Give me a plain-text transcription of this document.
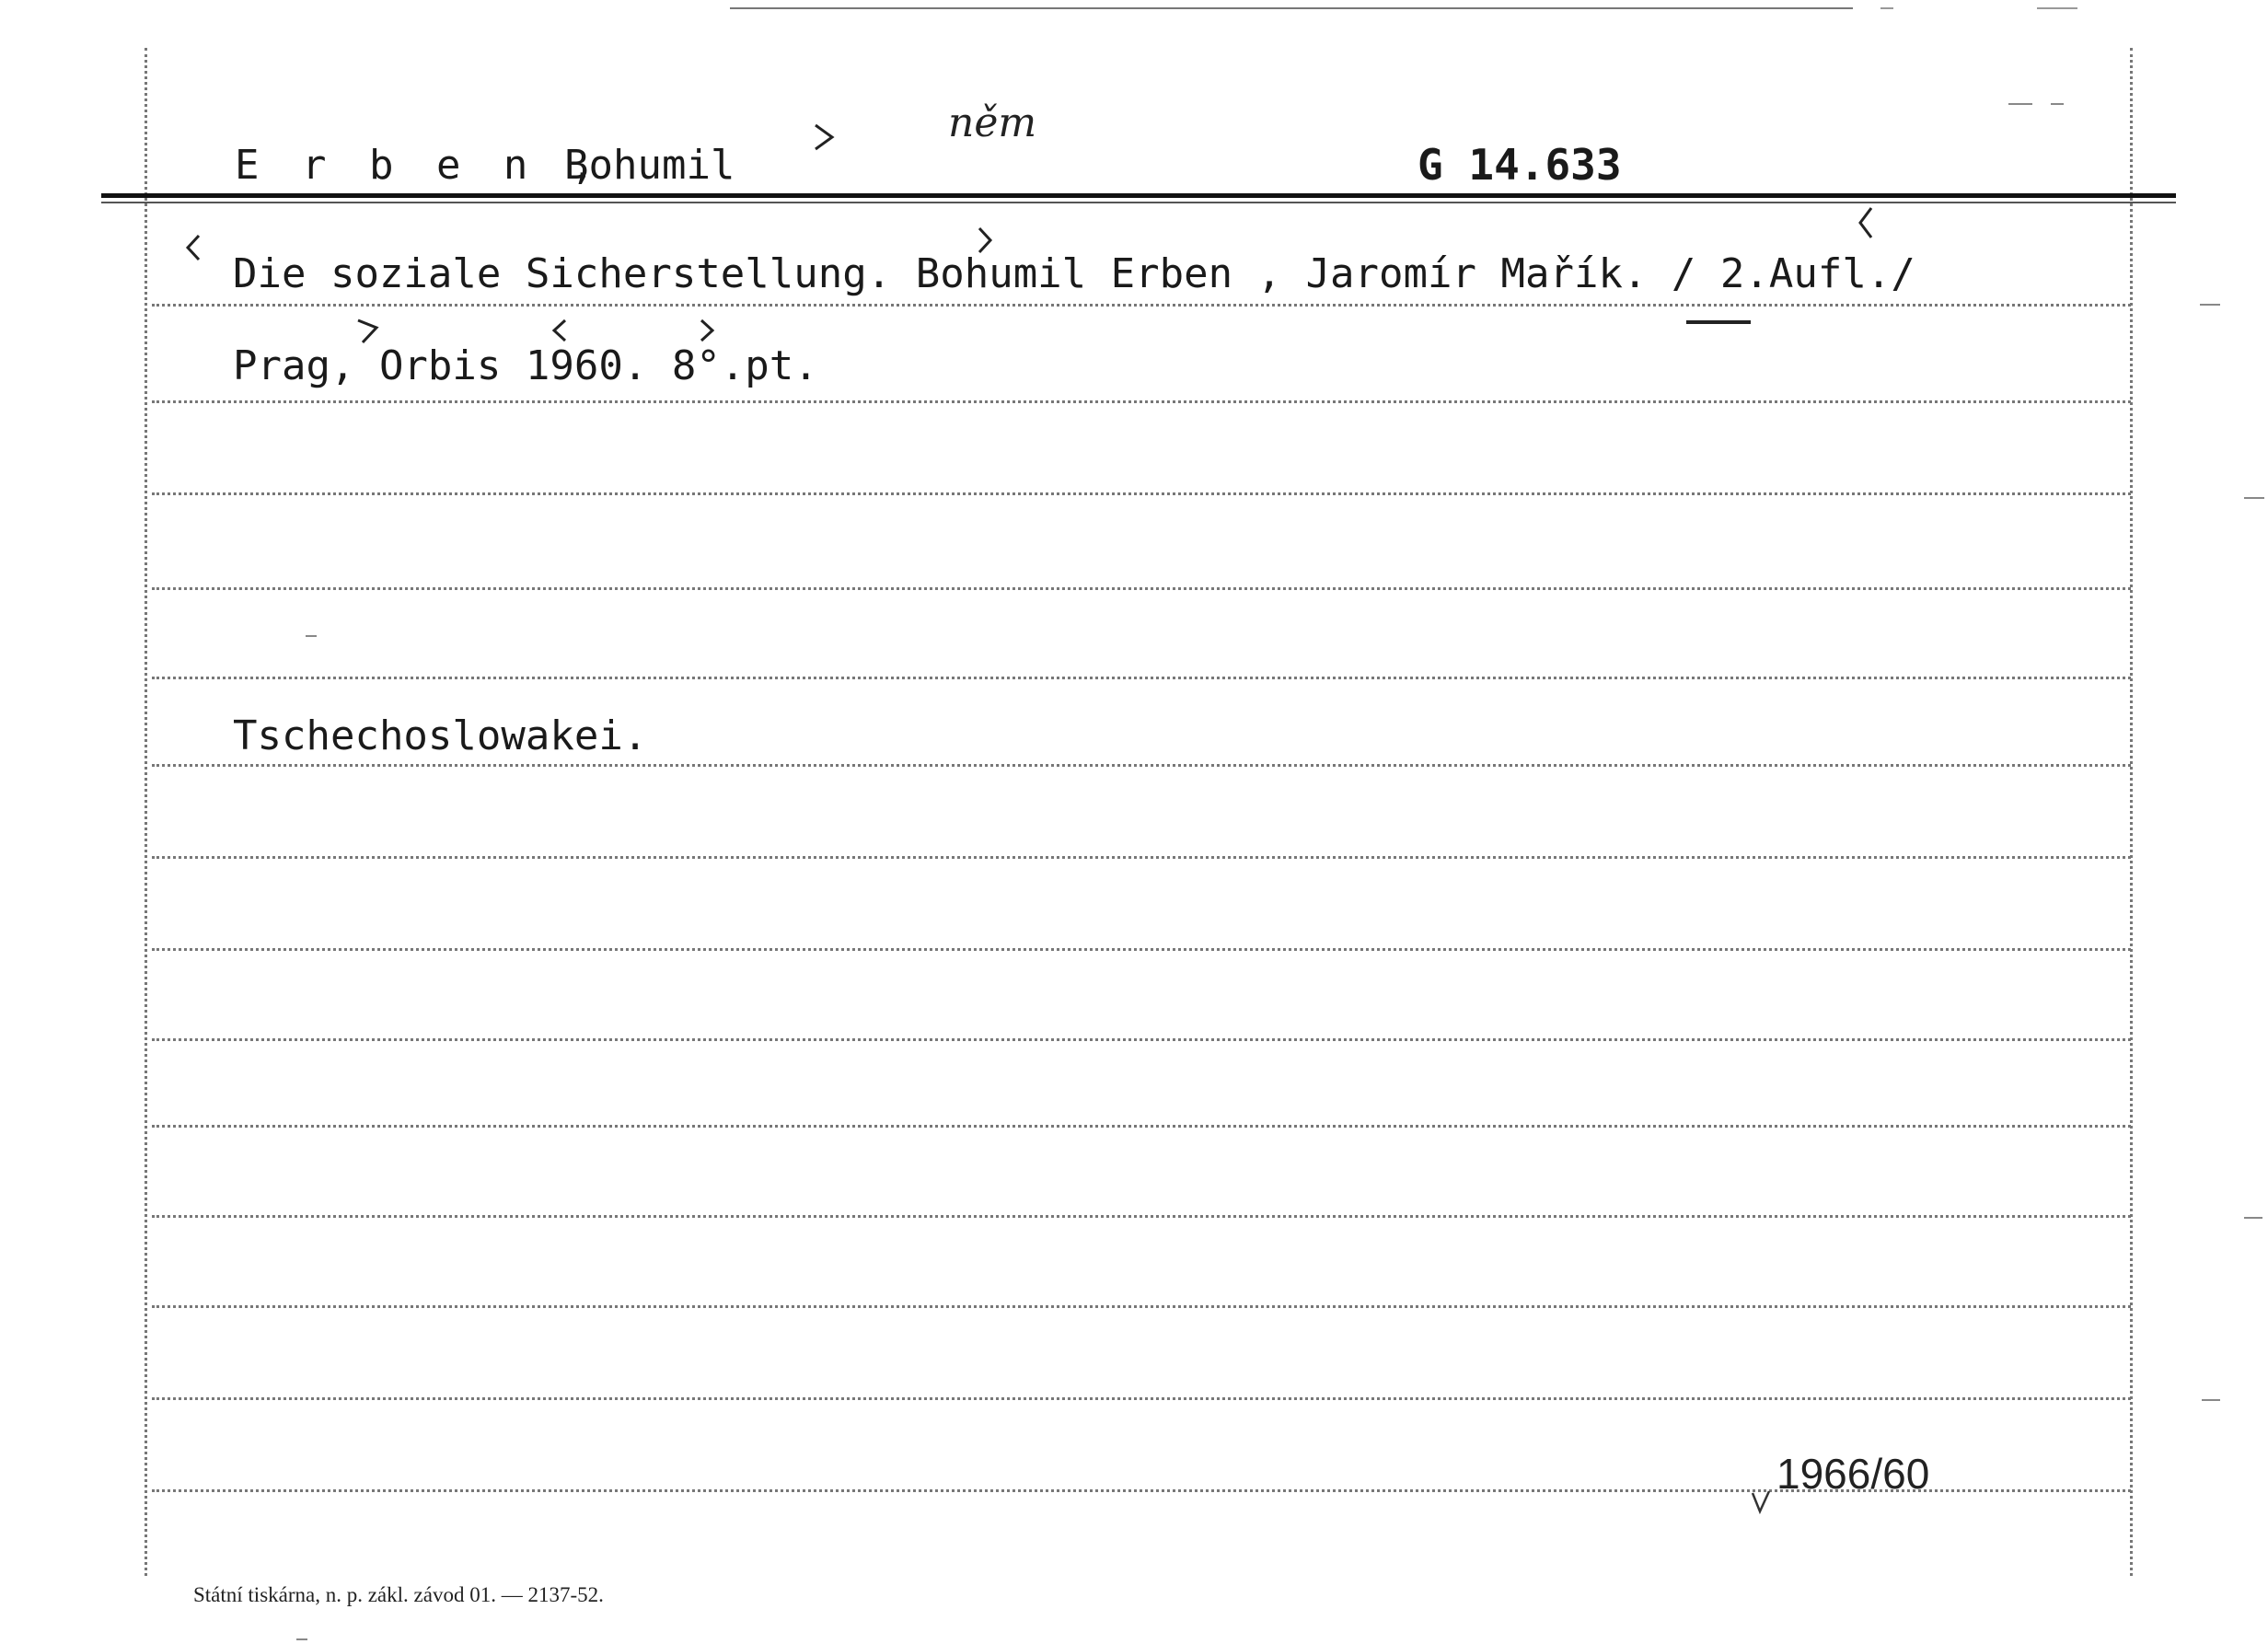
E r b e n ,
Bohumil
něm
G 14.633
Die soziale Sicherstellung. Bohumil Erben , Jaromír Mařík. / 2.Aufl./
Prag, Orbis 1960. 8°.pt.
Tschechoslowakei.
1966/60
Státní tiskárna, n. p. zákl. závod 01. — 2137-52.
